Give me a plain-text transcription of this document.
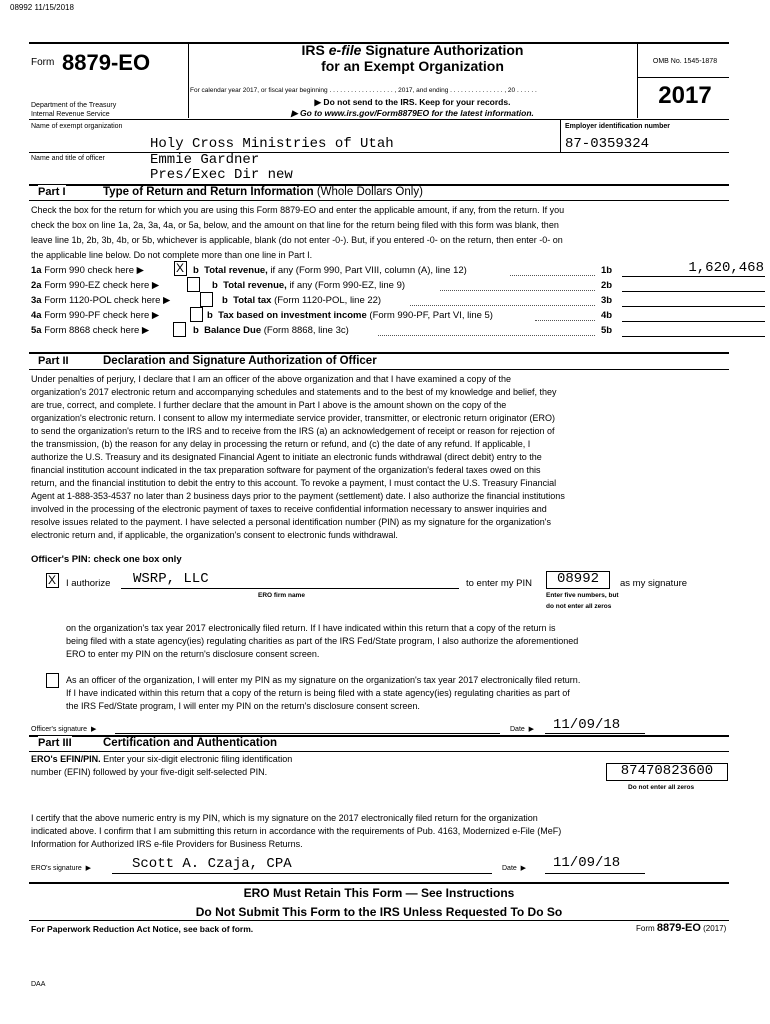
08992 11/15/2018
Form 8879-EO	IRS e-file Signature Authorization
for an Exempt Organization
For calendar year 2017, or fiscal year beginning . . . . . . . . . . . . . . . . . . , 2017, and ending . . . . . . . . . . . . . . . , 20 . . . . . .
▶ Do not send to the IRS. Keep for your records.
▶ Go to www.irs.gov/Form8879EO for the latest information.
OMB No. 1545-1878
2017
Department of the Treasury
Internal Revenue Service
Name of exempt organization	Employer identification number
Holy Cross Ministries of Utah	87-0359324
Name and title of officer	Emmie Gardner
Pres/Exec Dir new
Part I	Type of Return and Return Information (Whole Dollars Only)
Check the box for the return for which you are using this Form 8879-EO and enter the applicable amount, if any, from the return. If you
check the box on line 1a, 2a, 3a, 4a, or 5a, below, and the amount on that line for the return being filed with this form was blank, then
leave line 1b, 2b, 3b, 4b, or 5b, whichever is applicable, blank (do not enter -0-). But, if you entered -0- on the return, then enter -0- on
the applicable line below. Do not complete more than one line in Part I.
1a Form 990 check here ▶	X b Total revenue, if any (Form 990, Part VIII, column (A), line 12)	1b	1,620,468
2a Form 990-EZ check here ▶	b Total revenue, if any (Form 990-EZ, line 9)	2b
3a Form 1120-POL check here ▶	b Total tax (Form 1120-POL, line 22)	3b
4a Form 990-PF check here ▶	b Tax based on investment income (Form 990-PF, Part VI, line 5)	4b
5a Form 8868 check here ▶	b Balance Due (Form 8868, line 3c)	5b
Part II	Declaration and Signature Authorization of Officer
Under penalties of perjury, I declare that I am an officer of the above organization and that I have examined a copy of the
organization's 2017 electronic return and accompanying schedules and statements and to the best of my knowledge and belief, they
are true, correct, and complete. I further declare that the amount in Part I above is the amount shown on the copy of the
organization's electronic return. I consent to allow my intermediate service provider, transmitter, or electronic return originator (ERO)
to send the organization's return to the IRS and to receive from the IRS (a) an acknowledgement of receipt or reason for rejection of
the transmission, (b) the reason for any delay in processing the return or refund, and (c) the date of any refund. If applicable, I
authorize the U.S. Treasury and its designated Financial Agent to initiate an electronic funds withdrawal (direct debit) entry to the
financial institution account indicated in the tax preparation software for payment of the organization's federal taxes owed on this
return, and the financial institution to debit the entry to this account. To revoke a payment, I must contact the U.S. Treasury Financial
Agent at 1-888-353-4537 no later than 2 business days prior to the payment (settlement) date. I also authorize the financial institutions
involved in the processing of the electronic payment of taxes to receive confidential information necessary to answer inquiries and
resolve issues related to the payment. I have selected a personal identification number (PIN) as my signature for the organization's
electronic return and, if applicable, the organization's consent to electronic funds withdrawal.
Officer's PIN: check one box only
X I authorize WSRP, LLC
ERO firm name
to enter my PIN	08992	as my signature
Enter five numbers, but
do not enter all zeros
on the organization's tax year 2017 electronically filed return. If I have indicated within this return that a copy of the return is
being filed with a state agency(ies) regulating charities as part of the IRS Fed/State program, I also authorize the aforementioned
ERO to enter my PIN on the return's disclosure consent screen.
As an officer of the organization, I will enter my PIN as my signature on the organization's tax year 2017 electronically filed return.
If I have indicated within this return that a copy of the return is being filed with a state agency(ies) regulating charities as part of
the IRS Fed/State program, I will enter my PIN on the return's disclosure consent screen.
Officer's signature  ▶	Date  ▶ 11/09/18
Part III	Certification and Authentication
ERO's EFIN/PIN. Enter your six-digit electronic filing identification
number (EFIN) followed by your five-digit self-selected PIN.	87470823600
Do not enter all zeros
I certify that the above numeric entry is my PIN, which is my signature on the 2017 electronically filed return for the organization
indicated above. I confirm that I am submitting this return in accordance with the requirements of Pub. 4163, Modernized e-File (MeF)
Information for Authorized IRS e-file Providers for Business Returns.
ERO's signature  ▶	Scott A. Czaja, CPA	Date  ▶ 11/09/18
ERO Must Retain This Form — See Instructions
Do Not Submit This Form to the IRS Unless Requested To Do So
For Paperwork Reduction Act Notice, see back of form.	Form 8879-EO (2017)
DAA
